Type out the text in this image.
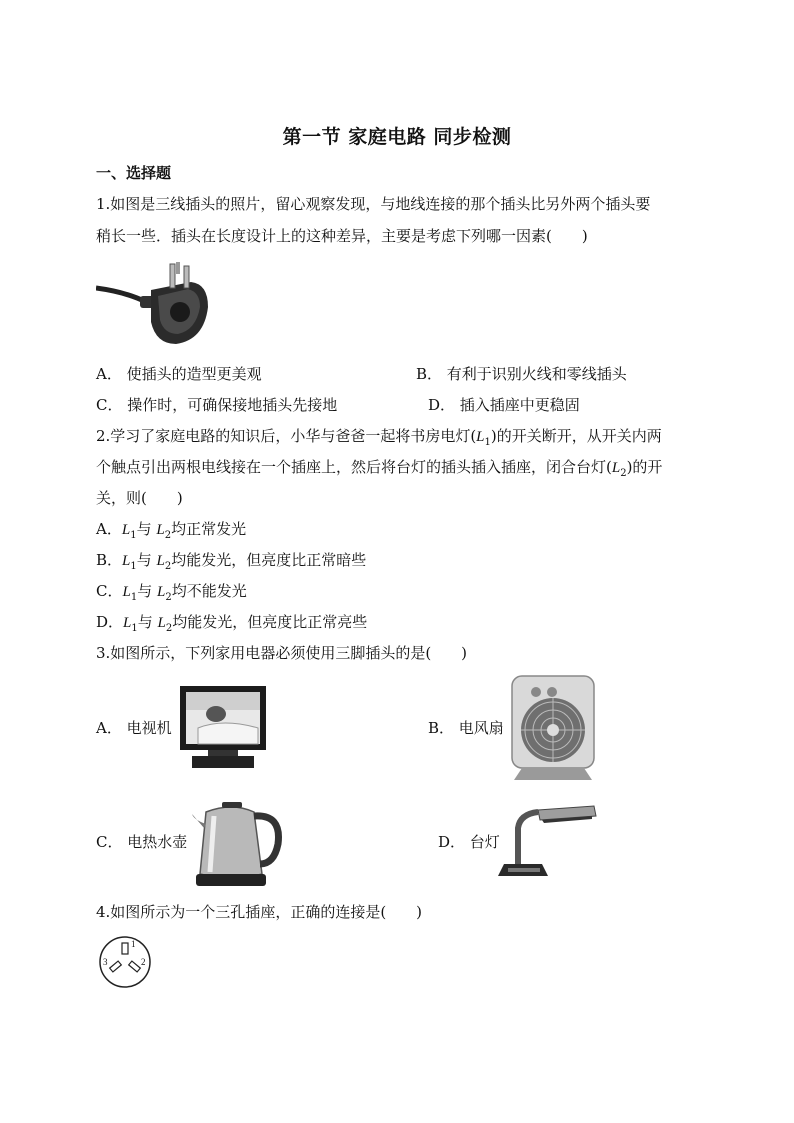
第一节 家庭电路 同步检测
一、选择题
1.如图是三线插头的照片，留心观察发现，与地线连接的那个插头比另外两个插头要
稍长一些．插头在长度设计上的这种差异，主要是考虑下列哪一因素(　　)
A． 使插头的造型更美观	B． 有利于识别火线和零线插头
C． 操作时，可确保接地插头先接地	D． 插入插座中更稳固
2.学习了家庭电路的知识后，小华与爸爸一起将书房电灯$(L_1)$的开关断开，从开关内两
个触点引出两根电线接在一个插座上，然后将台灯的插头插入插座，闭合台灯$(L_2)$的开
关，则(　　)
A．$L_1$与 $L_2$均正常发光
B．$L_1$与 $L_2$均能发光，但亮度比正常暗些
C．$L_1$与 $L_2$均不能发光
D．$L_1$与 $L_2$均能发光，但亮度比正常亮些
3.如图所示，下列家用电器必须使用三脚插头的是(　　)
A． 电视机	B． 电风扇
C． 电热水壶	D． 台灯
4.如图所示为一个三孔插座，正确的连接是(　　)
1
2
3
